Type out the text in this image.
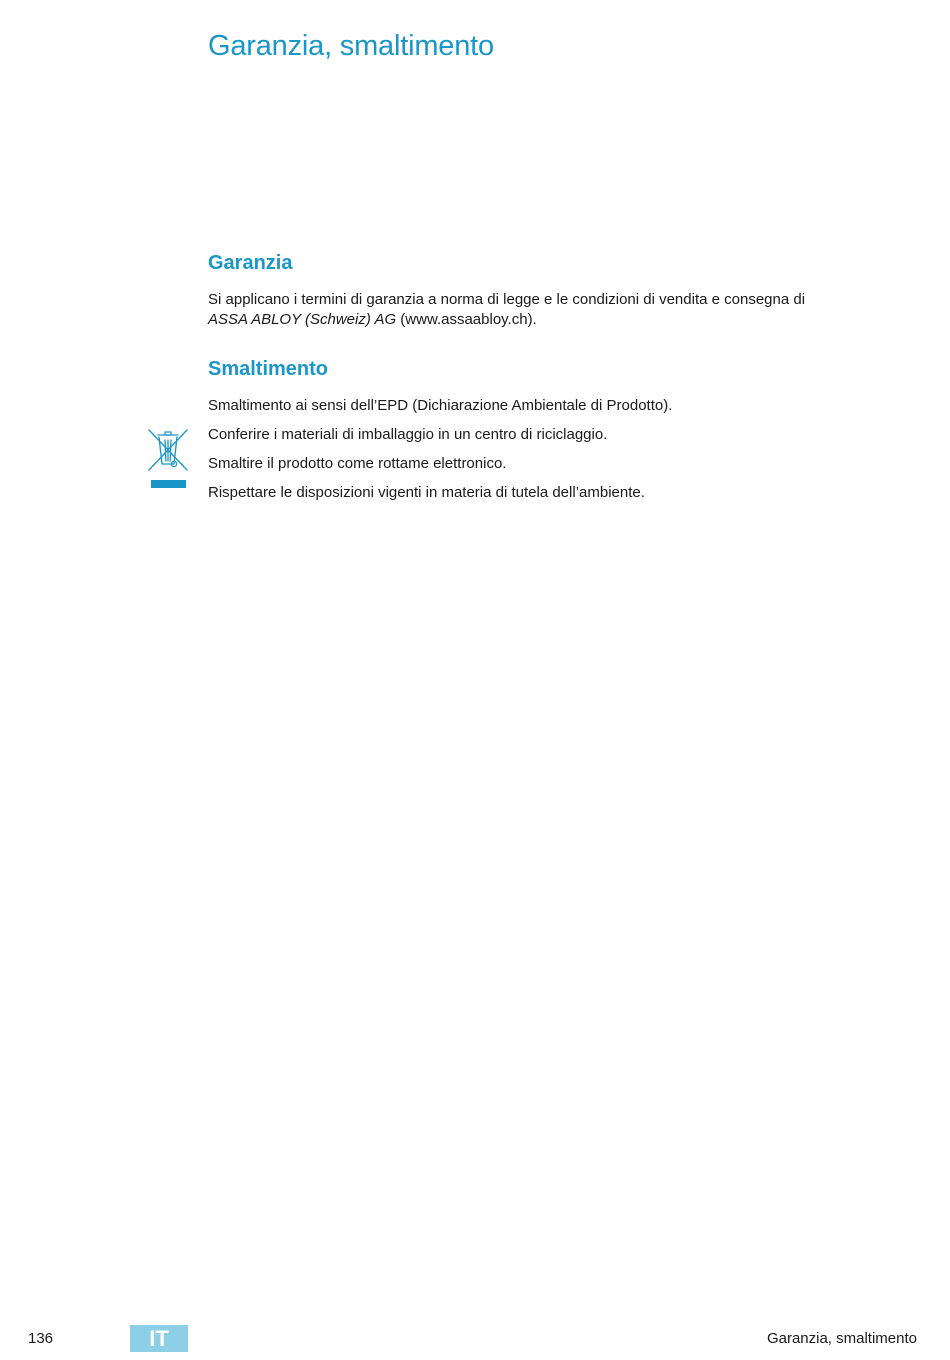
Garanzia, smaltimento
Garanzia

Si applicano i termini di garanzia a norma di legge e le condizioni di vendita e consegna di

ASSA ABLOY (Schweiz) AG (www.assaabloy.ch).

Smaltimento

Smaltimento ai sensi dell’EPD (Dichiarazione Ambientale di Prodotto).

Conferire i materiali di imballaggio in un centro di riciclaggio.

Smaltire il prodotto come rottame elettronico.

Rispettare le disposizioni vigenti in materia di tutela dell’ambiente.

136	IT	Garanzia, smaltimento
